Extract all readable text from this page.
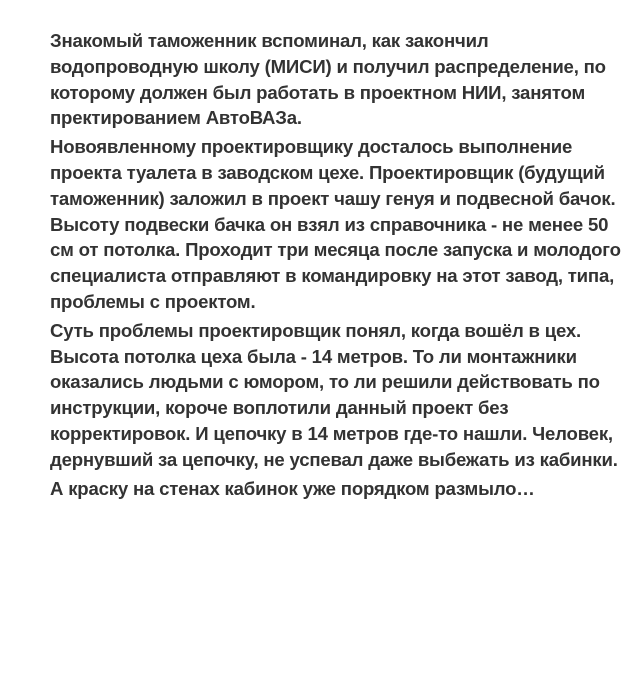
Знакомый таможенник вспоминал, как закончил водопроводную школу (МИСИ) и получил распределение, по которому должен был работать в проектном НИИ, занятом пректированием АвтоВАЗа.

Новоявленному проектировщику досталось выполнение проекта туалета в заводском цехе. Проектировщик (будущий таможенник) заложил в проект чашу генуя и подвесной бачок. Высоту подвески бачка он взял из справочника - не менее 50 см от потолка. Проходит три месяца после запуска и молодого специалиста отправляют в командировку на этот завод, типа, проблемы с проектом.

Суть проблемы проектировщик понял, когда вошёл в цех. Высота потолка цеха была - 14 метров. То ли монтажники оказались людьми с юмором, то ли решили действовать по инструкции, короче воплотили данный проект без корректировок. И цепочку в 14 метров где-то нашли. Человек, дернувший за цепочку, не успевал даже выбежать из кабинки.

А краску на стенах кабинок уже порядком размыло…
